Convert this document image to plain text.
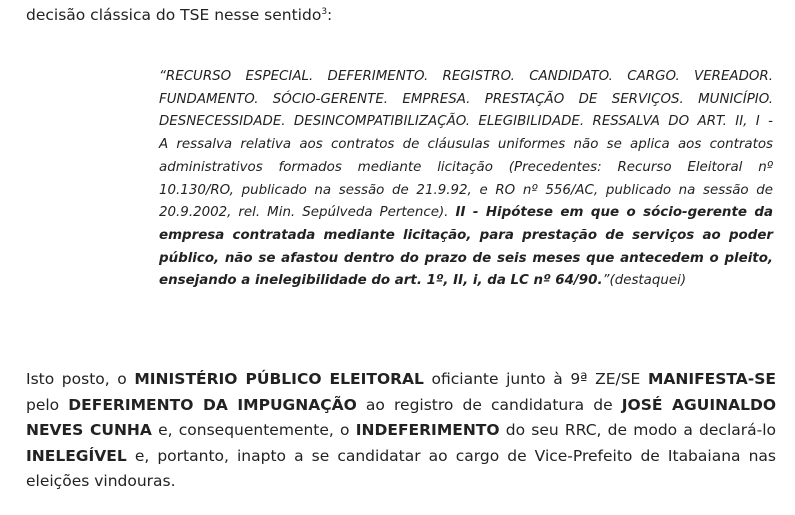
decisão clássica do TSE nesse sentido$^3$:
“RECURSO ESPECIAL. DEFERIMENTO. REGISTRO. CANDIDATO. CARGO. VEREADOR.
FUNDAMENTO. SÓCIO-GERENTE. EMPRESA. PRESTAÇÃO DE SERVIÇOS. MUNICÍPIO.
DESNECESSIDADE. DESINCOMPATIBILIZAÇÃO. ELEGIBILIDADE. RESSALVA DO ART. II, I -
A ressalva relativa aos contratos de cláusulas uniformes não se aplica aos contratos
administrativos formados mediante licitação (Precedentes: Recurso Eleitoral nº
10.130/RO, publicado na sessão de 21.9.92, e RO nº 556/AC, publicado na sessão de
20.9.2002, rel. Min. Sepúlveda Pertence). II - Hipótese em que o sócio-gerente da
empresa contratada mediante licitação, para prestação de serviços ao poder
público, não se afastou dentro do prazo de seis meses que antecedem o pleito,
ensejando a inelegibilidade do art. 1º, II, i, da LC nº 64/90.”(destaquei)
Isto posto, o MINISTÉRIO PÚBLICO ELEITORAL oficiante junto à 9ª ZE/SE MANIFESTA-SE
pelo DEFERIMENTO DA IMPUGNAÇÃO ao registro de candidatura de JOSÉ AGUINALDO
NEVES CUNHA e, consequentemente, o INDEFERIMENTO do seu RRC, de modo a declará-lo
INELEGÍVEL e, portanto, inapto a se candidatar ao cargo de Vice-Prefeito de Itabaiana nas
eleições vindouras.
